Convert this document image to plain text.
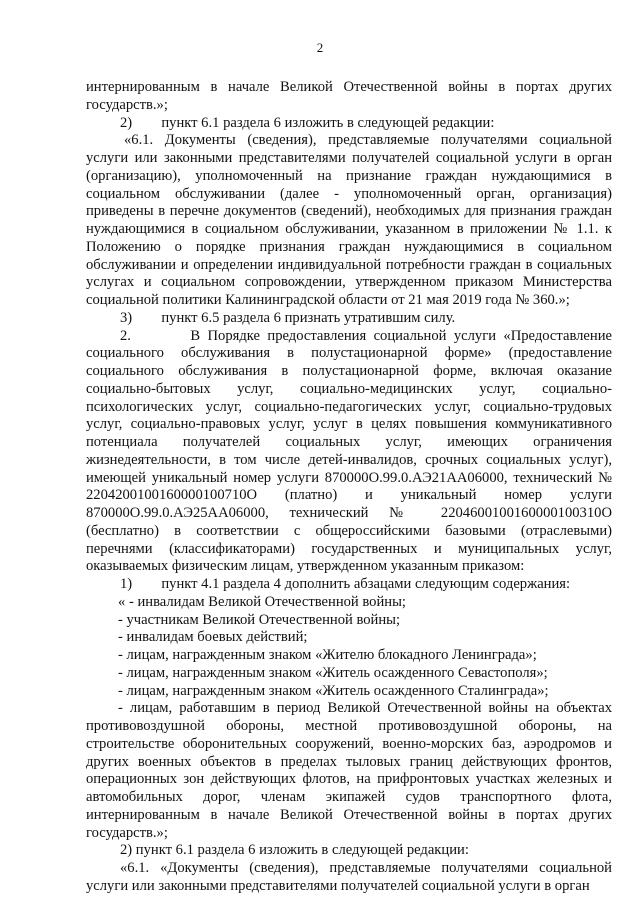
2

интернированным в начале Великой Отечественной войны в портах других государств.»;

2)        пункт 6.1 раздела 6 изложить в следующей редакции:

«6.1. Документы (сведения), представляемые получателями социальной услуги или законными представителями получателей социальной услуги в орган (организацию), уполномоченный на признание граждан нуждающимися в социальном обслуживании (далее - уполномоченный орган, организация) приведены в перечне документов (сведений), необходимых для признания граждан нуждающимися в социальном обслуживании, указанном в приложении № 1.1. к Положению о порядке признания граждан нуждающимися в социальном обслуживании и определении индивидуальной потребности граждан в социальных услугах и социальном сопровождении, утвержденном приказом Министерства социальной политики Калининградской области от 21 мая 2019 года № 360.»;

3)        пункт 6.5 раздела 6 признать утратившим силу.

2.        В Порядке предоставления социальной услуги «Предоставление социального обслуживания в полустационарной форме» (предоставление социального обслуживания в полустационарной форме, включая оказание социально-бытовых услуг, социально-медицинских услуг, социально-психологических услуг, социально-педагогических услуг, социально-трудовых услуг, социально-правовых услуг, услуг в целях повышения коммуникативного потенциала получателей социальных услуг, имеющих ограничения жизнедеятельности, в том числе детей-инвалидов, срочных социальных услуг), имеющей уникальный номер услуги 870000О.99.0.АЭ21АА06000, технический № 2204200100160000100710О (платно) и уникальный номер услуги 870000О.99.0.АЭ25АА06000, технический № 2204600100160000100310О (бесплатно) в соответствии с общероссийскими базовыми (отраслевыми) перечнями (классификаторами) государственных и муниципальных услуг, оказываемых физическим лицам, утвержденном указанным приказом:

1)        пункт 4.1 раздела 4 дополнить абзацами следующим содержания:

« - инвалидам Великой Отечественной войны;

- участникам Великой Отечественной войны;

- инвалидам боевых действий;

- лицам, награжденным знаком «Жителю блокадного Ленинграда»;

- лицам, награжденным знаком «Житель осажденного Севастополя»;

- лицам, награжденным знаком «Житель осажденного Сталинграда»;

- лицам, работавшим в период Великой Отечественной войны на объектах противовоздушной обороны, местной противовоздушной обороны, на строительстве оборонительных сооружений, военно-морских баз, аэродромов и других военных объектов в пределах тыловых границ действующих фронтов, операционных зон действующих флотов, на прифронтовых участках железных и автомобильных дорог, членам экипажей судов транспортного флота, интернированным в начале Великой Отечественной войны в портах других государств.»;

2) пункт 6.1 раздела 6 изложить в следующей редакции:

«6.1. «Документы (сведения), представляемые получателями социальной услуги или законными представителями получателей социальной услуги в орган
